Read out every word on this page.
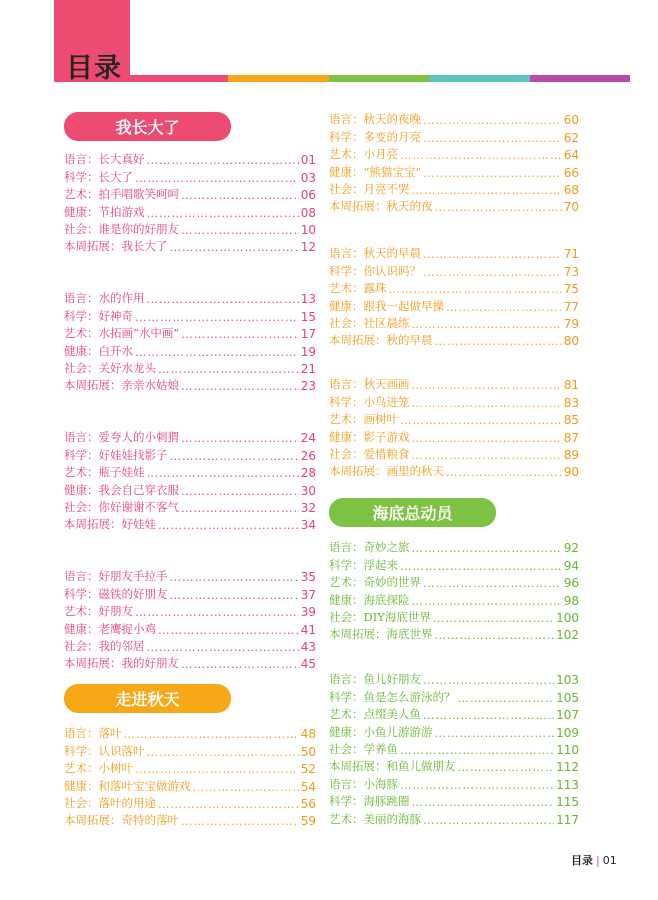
目录
我长大了
走进秋天
海底总动员
语言：长大真好 ……………………………………………………………………………………………………………	01
科学：长大了 ……………………………………………………………………………………………………………	03
艺术：拍手唱歌笑呵呵 ……………………………………………………………………………………………………………	06
健康：节拍游戏 ……………………………………………………………………………………………………………	08
社会：谁是你的好朋友 ……………………………………………………………………………………………………………	10
本周拓展：我长大了 ……………………………………………………………………………………………………………	12
语言：水的作用 ……………………………………………………………………………………………………………	13
科学：好神奇 ……………………………………………………………………………………………………………	15
艺术：水拓画“水中画” ……………………………………………………………………………………………………………	17
健康：白开水 ……………………………………………………………………………………………………………	19
社会：关好水龙头 ……………………………………………………………………………………………………………	21
本周拓展：亲亲水姑娘 ……………………………………………………………………………………………………………	23
语言：爱夸人的小刺猬 ……………………………………………………………………………………………………………	24
科学：好娃娃找影子 ……………………………………………………………………………………………………………	26
艺术：瓶子娃娃 ……………………………………………………………………………………………………………	28
健康：我会自己穿衣服 ……………………………………………………………………………………………………………	30
社会：你好谢谢不客气 ……………………………………………………………………………………………………………	32
本周拓展：好娃娃 ……………………………………………………………………………………………………………	34
语言：好朋友手拉手 ……………………………………………………………………………………………………………	35
科学：磁铁的好朋友 ……………………………………………………………………………………………………………	37
艺术：好朋友 ……………………………………………………………………………………………………………	39
健康：老鹰捉小鸡 ……………………………………………………………………………………………………………	41
社会：我的邻居 ……………………………………………………………………………………………………………	43
本周拓展：我的好朋友 ……………………………………………………………………………………………………………	45
语言：落叶 ……………………………………………………………………………………………………………	48
科学：认识落叶 ……………………………………………………………………………………………………………	50
艺术：小树叶 ……………………………………………………………………………………………………………	52
健康：和落叶宝宝做游戏 ……………………………………………………………………………………………………………	54
社会：落叶的用途 ……………………………………………………………………………………………………………	56
本周拓展：奇特的落叶 ……………………………………………………………………………………………………………	59
语言：秋天的夜晚 ……………………………………………………………………………………………………………	60
科学：多变的月亮 ……………………………………………………………………………………………………………	62
艺术：小月亮 ……………………………………………………………………………………………………………	64
健康：“熊猫宝宝” ……………………………………………………………………………………………………………	66
社会：月亮不哭 ……………………………………………………………………………………………………………	68
本周拓展：秋天的夜 ……………………………………………………………………………………………………………	70
语言：秋天的早晨 ……………………………………………………………………………………………………………	71
科学：你认识吗？ ……………………………………………………………………………………………………………	73
艺术：露珠 ……………………………………………………………………………………………………………	75
健康：跟我一起做早操 ……………………………………………………………………………………………………………	77
社会：社区晨练 ……………………………………………………………………………………………………………	79
本周拓展：秋的早晨 ……………………………………………………………………………………………………………	80
语言：秋天画画 ……………………………………………………………………………………………………………	81
科学：小鸟进笼 ……………………………………………………………………………………………………………	83
艺术：画树叶 ……………………………………………………………………………………………………………	85
健康：影子游戏 ……………………………………………………………………………………………………………	87
社会：爱惜粮食 ……………………………………………………………………………………………………………	89
本周拓展：画里的秋天 ……………………………………………………………………………………………………………	90
语言：奇妙之旅 ……………………………………………………………………………………………………………	92
科学：浮起来 ……………………………………………………………………………………………………………	94
艺术：奇妙的世界 ……………………………………………………………………………………………………………	96
健康：海底探险 ……………………………………………………………………………………………………………	98
社会：DIY海底世界 ……………………………………………………………………………………………………………	100
本周拓展：海底世界 ……………………………………………………………………………………………………………	102
语言：鱼儿好朋友 ……………………………………………………………………………………………………………	103
科学：鱼是怎么游泳的？ ……………………………………………………………………………………………………………	105
艺术：点缀美人鱼 ……………………………………………………………………………………………………………	107
健康：小鱼儿游游游 ……………………………………………………………………………………………………………	109
社会：学养鱼 ……………………………………………………………………………………………………………	110
本周拓展：和鱼儿做朋友 ……………………………………………………………………………………………………………	112
语言：小海豚 ……………………………………………………………………………………………………………	113
科学：海豚跳圈 ……………………………………………………………………………………………………………	115
艺术：美丽的海豚 ……………………………………………………………………………………………………………	117
目录 | 01
